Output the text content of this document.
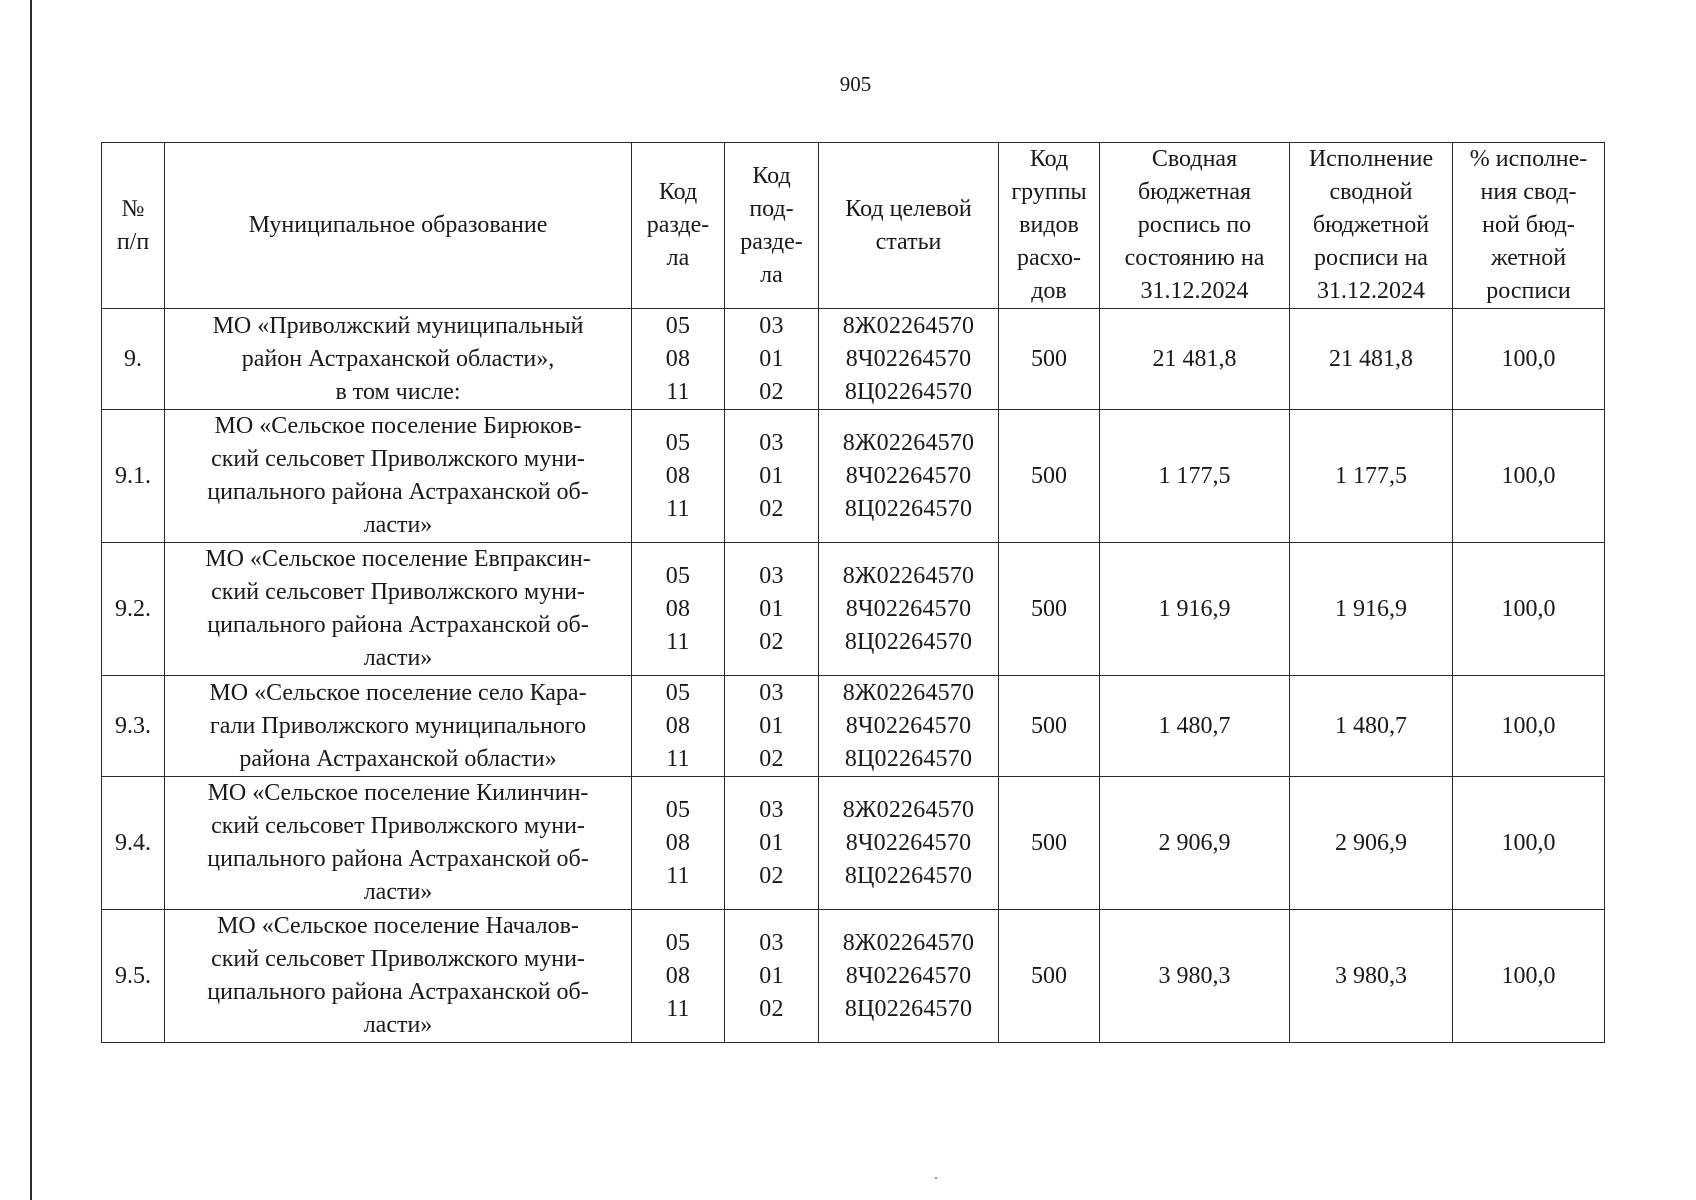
905
№
п/п	Муниципальное образование	Код
разде-
ла	Код
под-
разде-
ла	Код целевой
статьи	Код
группы
видов
расхо-
дов	Сводная
бюджетная
роспись по
состоянию на
31.12.2024	Исполнение
сводной
бюджетной
росписи на
31.12.2024	% исполне-
ния свод-
ной бюд-
жетной
росписи

9.	МО «Приволжский муниципальный
район Астраханской области»,
в том числе:	05
08
11	03
01
02	8Ж02264570
8Ч02264570
8Ц02264570	500	21 481,8	21 481,8	100,0
9.1.	МО «Сельское поселение Бирюков-
ский сельсовет Приволжского муни-
ципального района Астраханской об-
ласти»	05
08
11	03
01
02	8Ж02264570
8Ч02264570
8Ц02264570	500	1 177,5	1 177,5	100,0
9.2.	МО «Сельское поселение Евпраксин-
ский сельсовет Приволжского муни-
ципального района Астраханской об-
ласти»	05
08
11	03
01
02	8Ж02264570
8Ч02264570
8Ц02264570	500	1 916,9	1 916,9	100,0
9.3.	МО «Сельское поселение село Кара-
гали Приволжского муниципального
района Астраханской области»	05
08
11	03
01
02	8Ж02264570
8Ч02264570
8Ц02264570	500	1 480,7	1 480,7	100,0
9.4.	МО «Сельское поселение Килинчин-
ский сельсовет Приволжского муни-
ципального района Астраханской об-
ласти»	05
08
11	03
01
02	8Ж02264570
8Ч02264570
8Ц02264570	500	2 906,9	2 906,9	100,0
9.5.	МО «Сельское поселение Началов-
ский сельсовет Приволжского муни-
ципального района Астраханской об-
ласти»	05
08
11	03
01
02	8Ж02264570
8Ч02264570
8Ц02264570	500	3 980,3	3 980,3	100,0
